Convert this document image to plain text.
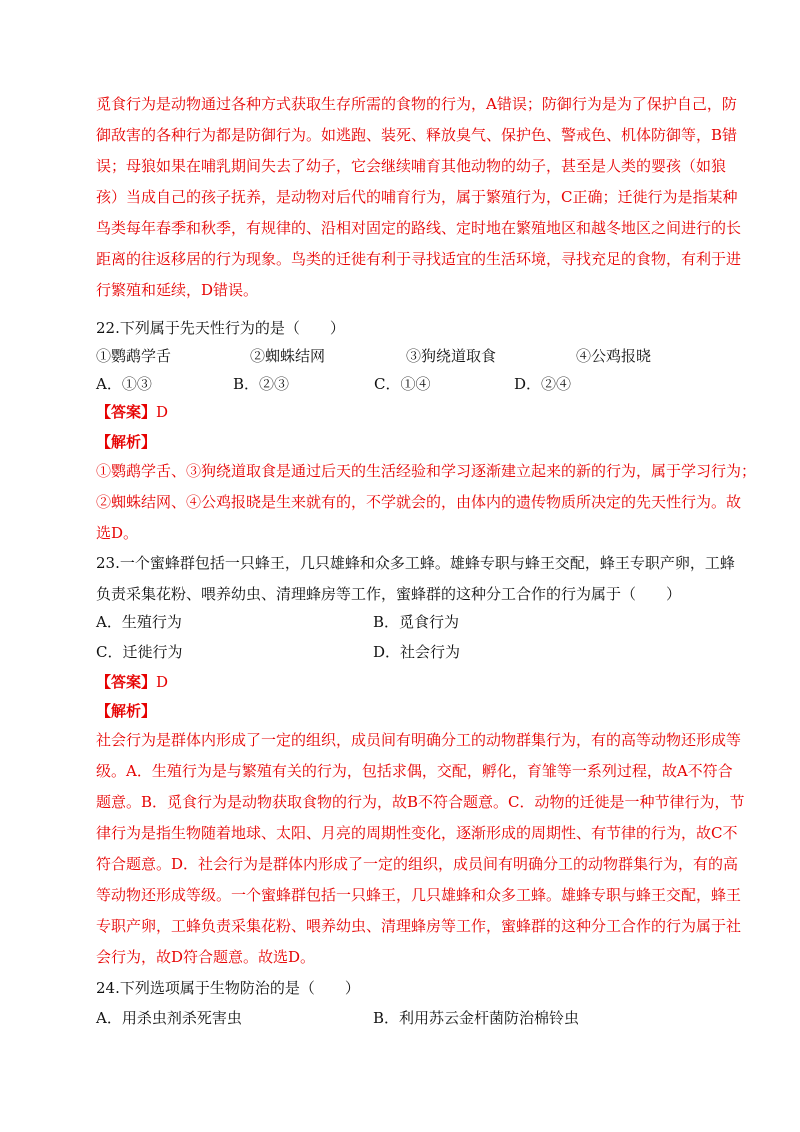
觅食行为是动物通过各种方式获取生存所需的食物的行为，A错误；防御行为是为了保护自己，防
御敌害的各种行为都是防御行为。如逃跑、装死、释放臭气、保护色、警戒色、机体防御等，B错
误；母狼如果在哺乳期间失去了幼子，它会继续哺育其他动物的幼子，甚至是人类的婴孩（如狼
孩）当成自己的孩子抚养，是动物对后代的哺育行为，属于繁殖行为，C正确；迁徙行为是指某种
鸟类每年春季和秋季，有规律的、沿相对固定的路线、定时地在繁殖地区和越冬地区之间进行的长
距离的往返移居的行为现象。鸟类的迁徙有利于寻找适宜的生活环境，寻找充足的食物，有利于进
行繁殖和延续，D错误。
22.下列属于先天性行为的是（　　）
①鹦鹉学舌	②蜘蛛结网	③狗绕道取食	④公鸡报晓
A．①③	B．②③	C．①④	D．②④
【答案】D
【解析】
①鹦鹉学舌、③狗绕道取食是通过后天的生活经验和学习逐渐建立起来的新的行为，属于学习行为；
②蜘蛛结网、④公鸡报晓是生来就有的，不学就会的，由体内的遗传物质所决定的先天性行为。故
选D。
23.一个蜜蜂群包括一只蜂王，几只雄蜂和众多工蜂。雄蜂专职与蜂王交配，蜂王专职产卵，工蜂
负责采集花粉、喂养幼虫、清理蜂房等工作，蜜蜂群的这种分工合作的行为属于（　　）
A．生殖行为	B．觅食行为
C．迁徙行为	D．社会行为
【答案】D
【解析】
社会行为是群体内形成了一定的组织，成员间有明确分工的动物群集行为，有的高等动物还形成等
级。A．生殖行为是与繁殖有关的行为，包括求偶，交配，孵化，育雏等一系列过程，故A不符合
题意。B．觅食行为是动物获取食物的行为，故B不符合题意。C．动物的迁徙是一种节律行为，节
律行为是指生物随着地球、太阳、月亮的周期性变化，逐渐形成的周期性、有节律的行为，故C不
符合题意。D．社会行为是群体内形成了一定的组织，成员间有明确分工的动物群集行为，有的高
等动物还形成等级。一个蜜蜂群包括一只蜂王，几只雄蜂和众多工蜂。雄蜂专职与蜂王交配，蜂王
专职产卵，工蜂负责采集花粉、喂养幼虫、清理蜂房等工作，蜜蜂群的这种分工合作的行为属于社
会行为，故D符合题意。故选D。
24.下列选项属于生物防治的是（　　）
A．用杀虫剂杀死害虫	B．利用苏云金杆菌防治棉铃虫
